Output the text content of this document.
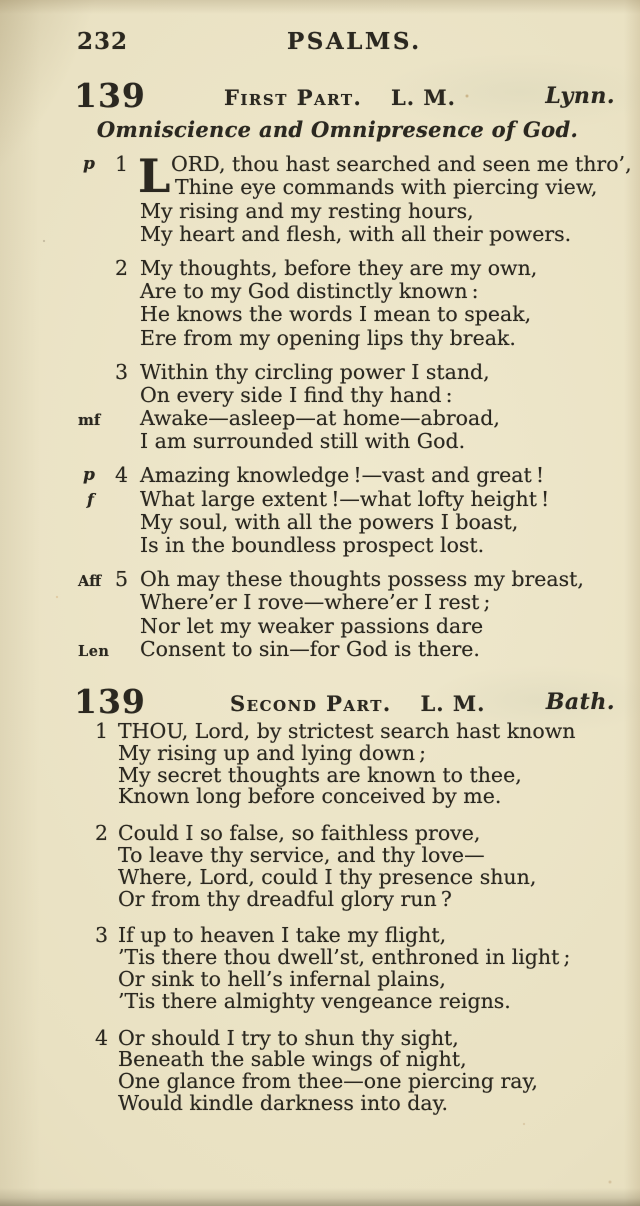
232	PSALMS.
139	First Part. L. M.	Lynn.
Omniscience and Omnipresence of God.
L
p 1 ORD, thou hast searched and seen me thro’,
Thine eye commands with piercing view,
My rising and my resting hours,
My heart and flesh, with all their powers.
2 My thoughts, before they are my own,
Are to my God distinctly known :
He knows the words I mean to speak,
Ere from my opening lips thy break.
3 Within thy circling power I stand,
On every side I find thy hand :
mf Awake—asleep—at home—abroad,
I am surrounded still with God.
p 4 Amazing knowledge !—vast and great !
f What large extent !—what lofty height !
My soul, with all the powers I boast,
Is in the boundless prospect lost.
Aff 5 Oh may these thoughts possess my breast,
Where’er I rove—where’er I rest ;
Nor let my weaker passions dare
Len Consent to sin—for God is there.
139	Second Part. L. M.	Bath.
1 THOU, Lord, by strictest search hast known
My rising up and lying down ;
My secret thoughts are known to thee,
Known long before conceived by me.
2 Could I so false, so faithless prove,
To leave thy service, and thy love—
Where, Lord, could I thy presence shun,
Or from thy dreadful glory run ?
3 If up to heaven I take my flight,
’Tis there thou dwell’st, enthroned in light ;
Or sink to hell’s infernal plains,
’Tis there almighty vengeance reigns.
4 Or should I try to shun thy sight,
Beneath the sable wings of night,
One glance from thee—one piercing ray,
Would kindle darkness into day.
